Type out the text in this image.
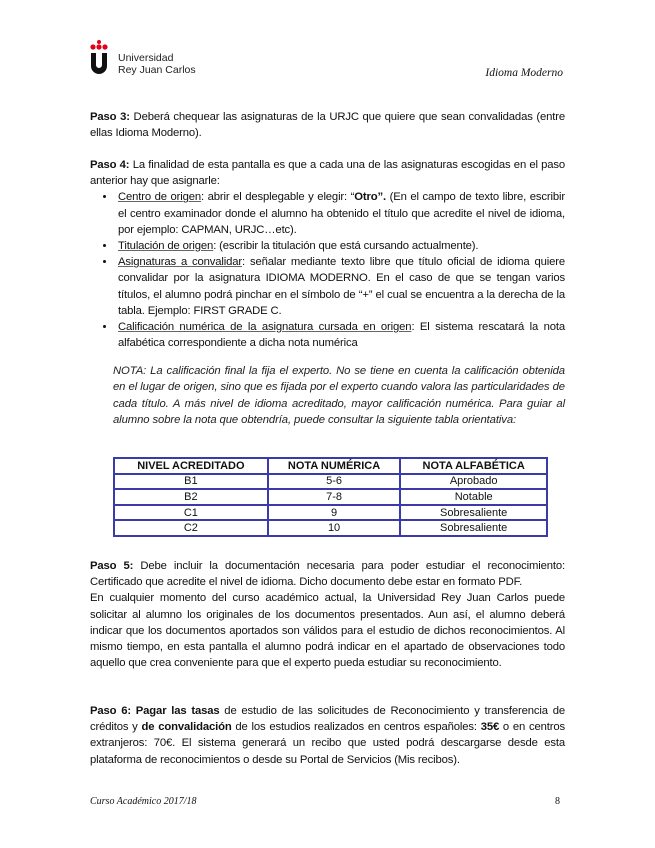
Universidad
Rey Juan Carlos	Idioma Moderno

Paso 3: Deberá chequear las asignaturas de la URJC que quiere que sean convalidadas (entre ellas Idioma Moderno).

Paso 4: La finalidad de esta pantalla es que a cada una de las asignaturas escogidas en el paso anterior hay que asignarle:

• Centro de origen: abrir el desplegable y elegir: “Otro”. (En el campo de texto libre, escribir el centro examinador donde el alumno ha obtenido el título que acredite el nivel de idioma, por ejemplo: CAPMAN, URJC…etc).
• Titulación de origen: (escribir la titulación que está cursando actualmente).
• Asignaturas a convalidar: señalar mediante texto libre que título oficial de idioma quiere convalidar por la asignatura IDIOMA MODERNO. En el caso de que se tengan varios títulos, el alumno podrá pinchar en el símbolo de “+” el cual se encuentra a la derecha de la tabla. Ejemplo: FIRST GRADE C.
• Calificación numérica de la asignatura cursada en origen: El sistema rescatará la nota alfabética correspondiente a dicha nota numérica
NOTA: La calificación final la fija el experto. No se tiene en cuenta la calificación obtenida en el lugar de origen, sino que es fijada por el experto cuando valora las particularidades de cada título. A más nivel de idioma acreditado, mayor calificación numérica. Para guiar al alumno sobre la nota que obtendría, puede consultar la siguiente tabla orientativa:
NIVEL ACREDITADO	NOTA NUMÉRICA	NOTA ALFABÉTICA
B1	5-6	Aprobado
B2	7-8	Notable
C1	9	Sobresaliente
C2	10	Sobresaliente

Paso 5: Debe incluir la documentación necesaria para poder estudiar el reconocimiento: Certificado que acredite el nivel de idioma. Dicho documento debe estar en formato PDF.

En cualquier momento del curso académico actual, la Universidad Rey Juan Carlos puede solicitar al alumno los originales de los documentos presentados. Aun así, el alumno deberá indicar que los documentos aportados son válidos para el estudio de dichos reconocimientos. Al mismo tiempo, en esta pantalla el alumno podrá indicar en el apartado de observaciones todo aquello que crea conveniente para que el experto pueda estudiar su reconocimiento.

Paso 6: Pagar las tasas de estudio de las solicitudes de Reconocimiento y transferencia de créditos y de convalidación de los estudios realizados en centros españoles: 35€ o en centros extranjeros: 70€. El sistema generará un recibo que usted podrá descargarse desde esta plataforma de reconocimientos o desde su Portal de Servicios (Mis recibos).

Curso Académico 2017/18	8
